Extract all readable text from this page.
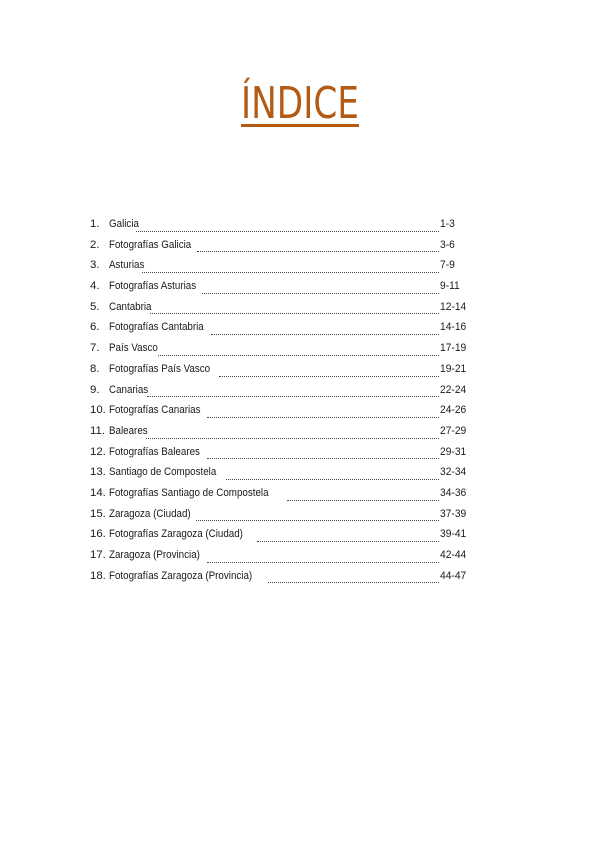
ÍNDICE
1. Galicia	1-3
2. Fotografías Galicia	3-6
3. Asturias	7-9
4. Fotografías Asturias	9-11
5. Cantabria	12-14
6. Fotografías Cantabria	14-16
7. País Vasco	17-19
8. Fotografías País Vasco	19-21
9. Canarias	22-24
10. Fotografías Canarias	24-26
11. Baleares	27-29
12. Fotografías Baleares	29-31
13. Santiago de Compostela	32-34
14. Fotografías Santiago de Compostela	34-36
15. Zaragoza (Ciudad)	37-39
16. Fotografías Zaragoza (Ciudad)	39-41
17. Zaragoza (Provincia)	42-44
18. Fotografías Zaragoza (Provincia)	44-47
